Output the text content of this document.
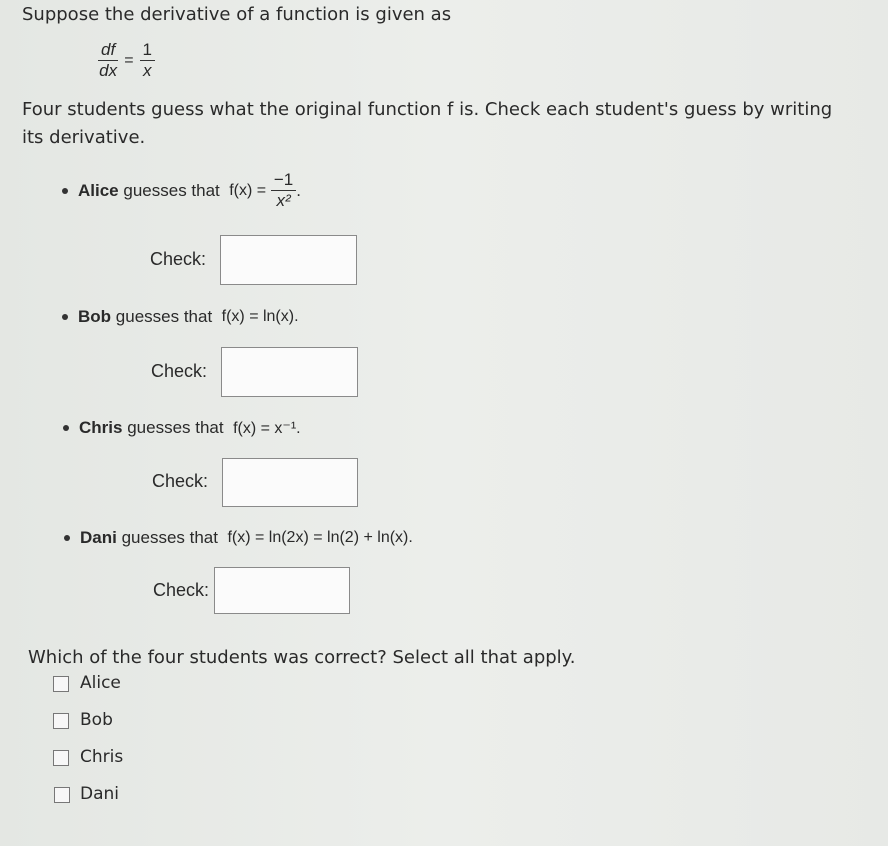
Suppose the derivative of a function is given as
$\frac{df}{dx} = \frac{1}{x}$
Four students guess what the original function f is. Check each student's guess by writing
its derivative.
Alice
guesses that
f(x) =
$\frac{-1}{\text{x²}}$ .
Check:
Bob
guesses that
f(x) = ln(x).
Check:
Chris
guesses that
f(x) = x⁻¹.
Check:
Dani
guesses that
f(x) = ln(2x) = ln(2) + ln(x).
Check:
Which of the four students was correct? Select all that apply.
Alice
Bob
Chris
Dani
